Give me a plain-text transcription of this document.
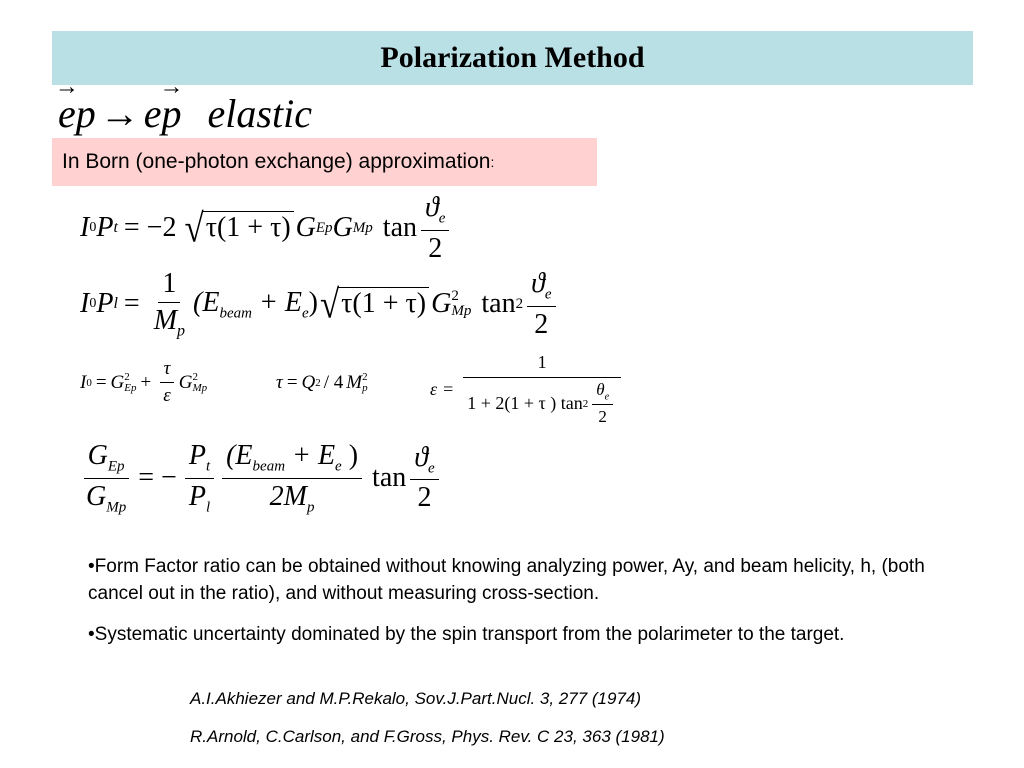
Polarization Method
→ ep → e→ p elastic
In Born (one-photon exchange) approximation :
I 0 P t = −2 √ τ(1 + τ) G Ep G Mp $\tan \frac{ϑ_e}{2}$
I 0 P $l = \frac{1}{M_p} (E_{beam} + E_e)$ √ τ(1 + τ) G 2
Mp $\tan 2 \frac{ϑ_e}{2}$
I 0 = G 2
$Ep + \frac{\tau}{\varepsilon}$ G 2
Mp	τ = Q 2 / 4 M 2
p	$\varepsilon = \frac{1}{1 + 2(1 + \tau ) \tan 2 \frac{\theta_e}{2}}$
$\frac{G_{Ep}}{G_{Mp}}$ = − $\frac{P_t}{P_l} \frac{(E_{beam} + E_e )}{2M_p}$ $\tan \frac{ϑ_e}{2}$

•Form Factor ratio can be obtained without knowing analyzing power, Ay, and beam helicity, h, (both cancel out in the ratio), and without measuring cross-section.

•Systematic uncertainty dominated by the spin transport from the polarimeter to the target.

A.I.Akhiezer and M.P.Rekalo, Sov.J.Part.Nucl. 3, 277 (1974)
R.Arnold, C.Carlson, and F.Gross, Phys. Rev. C 23, 363 (1981)
